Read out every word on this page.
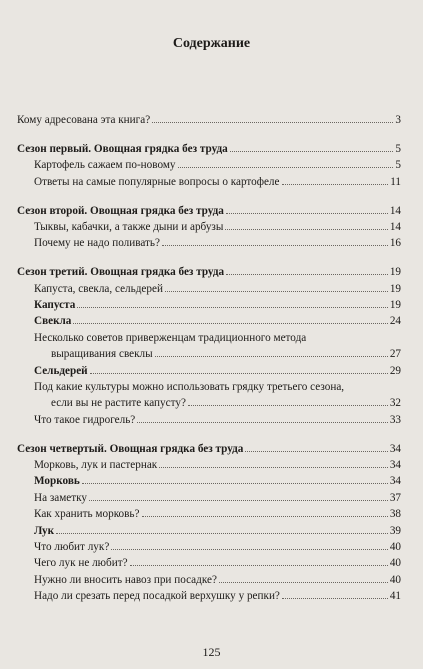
Содержание
Кому адресована эта книга?	3
Сезон первый. Овощная грядка без труда	5
Картофель сажаем по-новому	5
Ответы на самые популярные вопросы о картофеле	11
Сезон второй. Овощная грядка без труда	14
Тыквы, кабачки, а также дыни и арбузы	14
Почему не надо поливать?	16
Сезон третий. Овощная грядка без труда	19
Капуста, свекла, сельдерей	19
Капуста	19
Свекла	24
Несколько советов приверженцам традиционного метода
выращивания свеклы	27
Сельдерей	29
Под какие культуры можно использовать грядку третьего сезона,
если вы не растите капусту?	32
Что такое гидрогель?	33
Сезон четвертый. Овощная грядка без труда	34
Морковь, лук и пастернак	34
Морковь	34
На заметку	37
Как хранить морковь?	38
Лук	39
Что любит лук?	40
Чего лук не любит?	40
Нужно ли вносить навоз при посадке?	40
Надо ли срезать перед посадкой верхушку у репки?	41
125
